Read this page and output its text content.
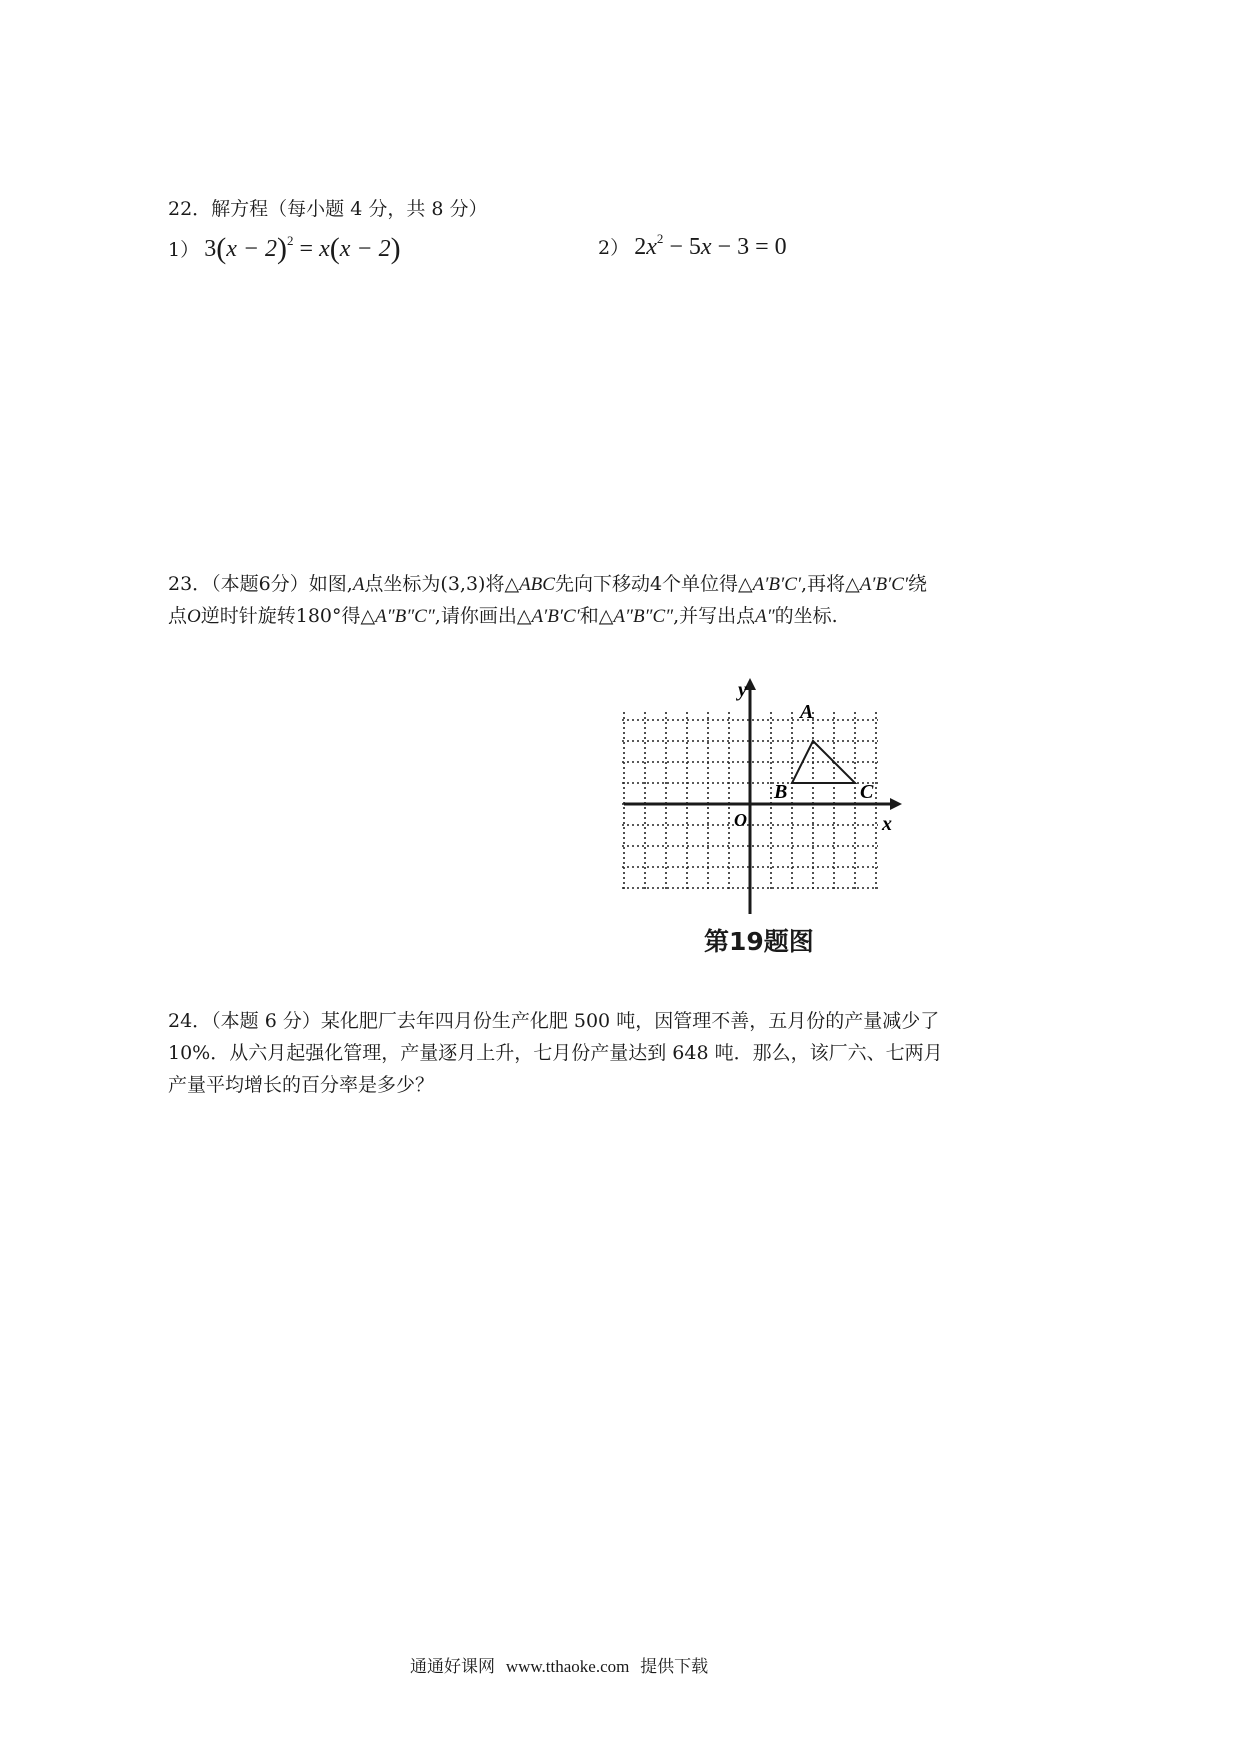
22．解方程（每小题 4 分，共 8 分）
1） $3(x - 2)^2 = x(x - 2)$	2） $2x^2 - 5x - 3 = 0$
23．（本题6分）如图,A点坐标为(3,3)将△ABC先向下移动4个单位得△A′B′C′,再将△A′B′C′绕
点O逆时针旋转180°得△A″B″C″,请你画出△A′B′C′和△A″B″C″,并写出点A″的坐标.
y
x
O
A
B	C
第19题图
24．（本题 6 分）某化肥厂去年四月份生产化肥 500 吨，因管理不善，五月份的产量减少了
10%．从六月起强化管理，产量逐月上升，七月份产量达到 648 吨．那么，该厂六、七两月
产量平均增长的百分率是多少？
通通好课网 www.tthaoke.com 提供下载
